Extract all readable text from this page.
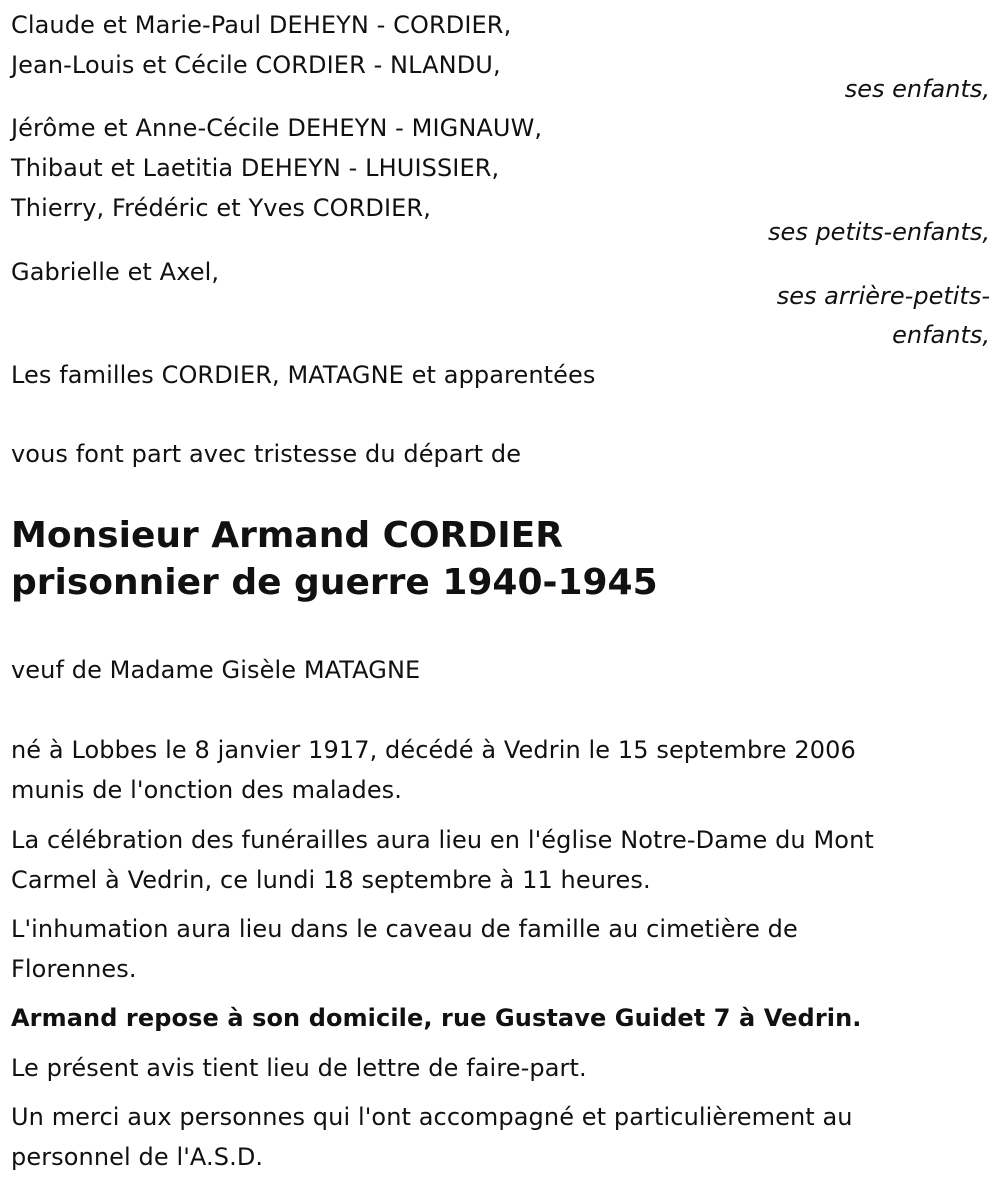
Claude et Marie-Paul DEHEYN - CORDIER,
Jean-Louis et Cécile CORDIER - NLANDU,
ses enfants,
Jérôme et Anne-Cécile DEHEYN - MIGNAUW,
Thibaut et Laetitia DEHEYN - LHUISSIER,
Thierry, Frédéric et Yves CORDIER,
ses petits-enfants,
Gabrielle et Axel,
ses arrière-petits-
enfants,
Les familles CORDIER, MATAGNE et apparentées
vous font part avec tristesse du départ de
Monsieur Armand CORDIER
prisonnier de guerre 1940-1945
veuf de Madame Gisèle MATAGNE
né à Lobbes le 8 janvier 1917, décédé à Vedrin le 15 septembre 2006
munis de l'onction des malades.
La célébration des funérailles aura lieu en l'église Notre-Dame du Mont
Carmel à Vedrin, ce lundi 18 septembre à 11 heures.
L'inhumation aura lieu dans le caveau de famille au cimetière de
Florennes.
Armand repose à son domicile, rue Gustave Guidet 7 à Vedrin.
Le présent avis tient lieu de lettre de faire-part.
Un merci aux personnes qui l'ont accompagné et particulièrement au
personnel de l'A.S.D.
